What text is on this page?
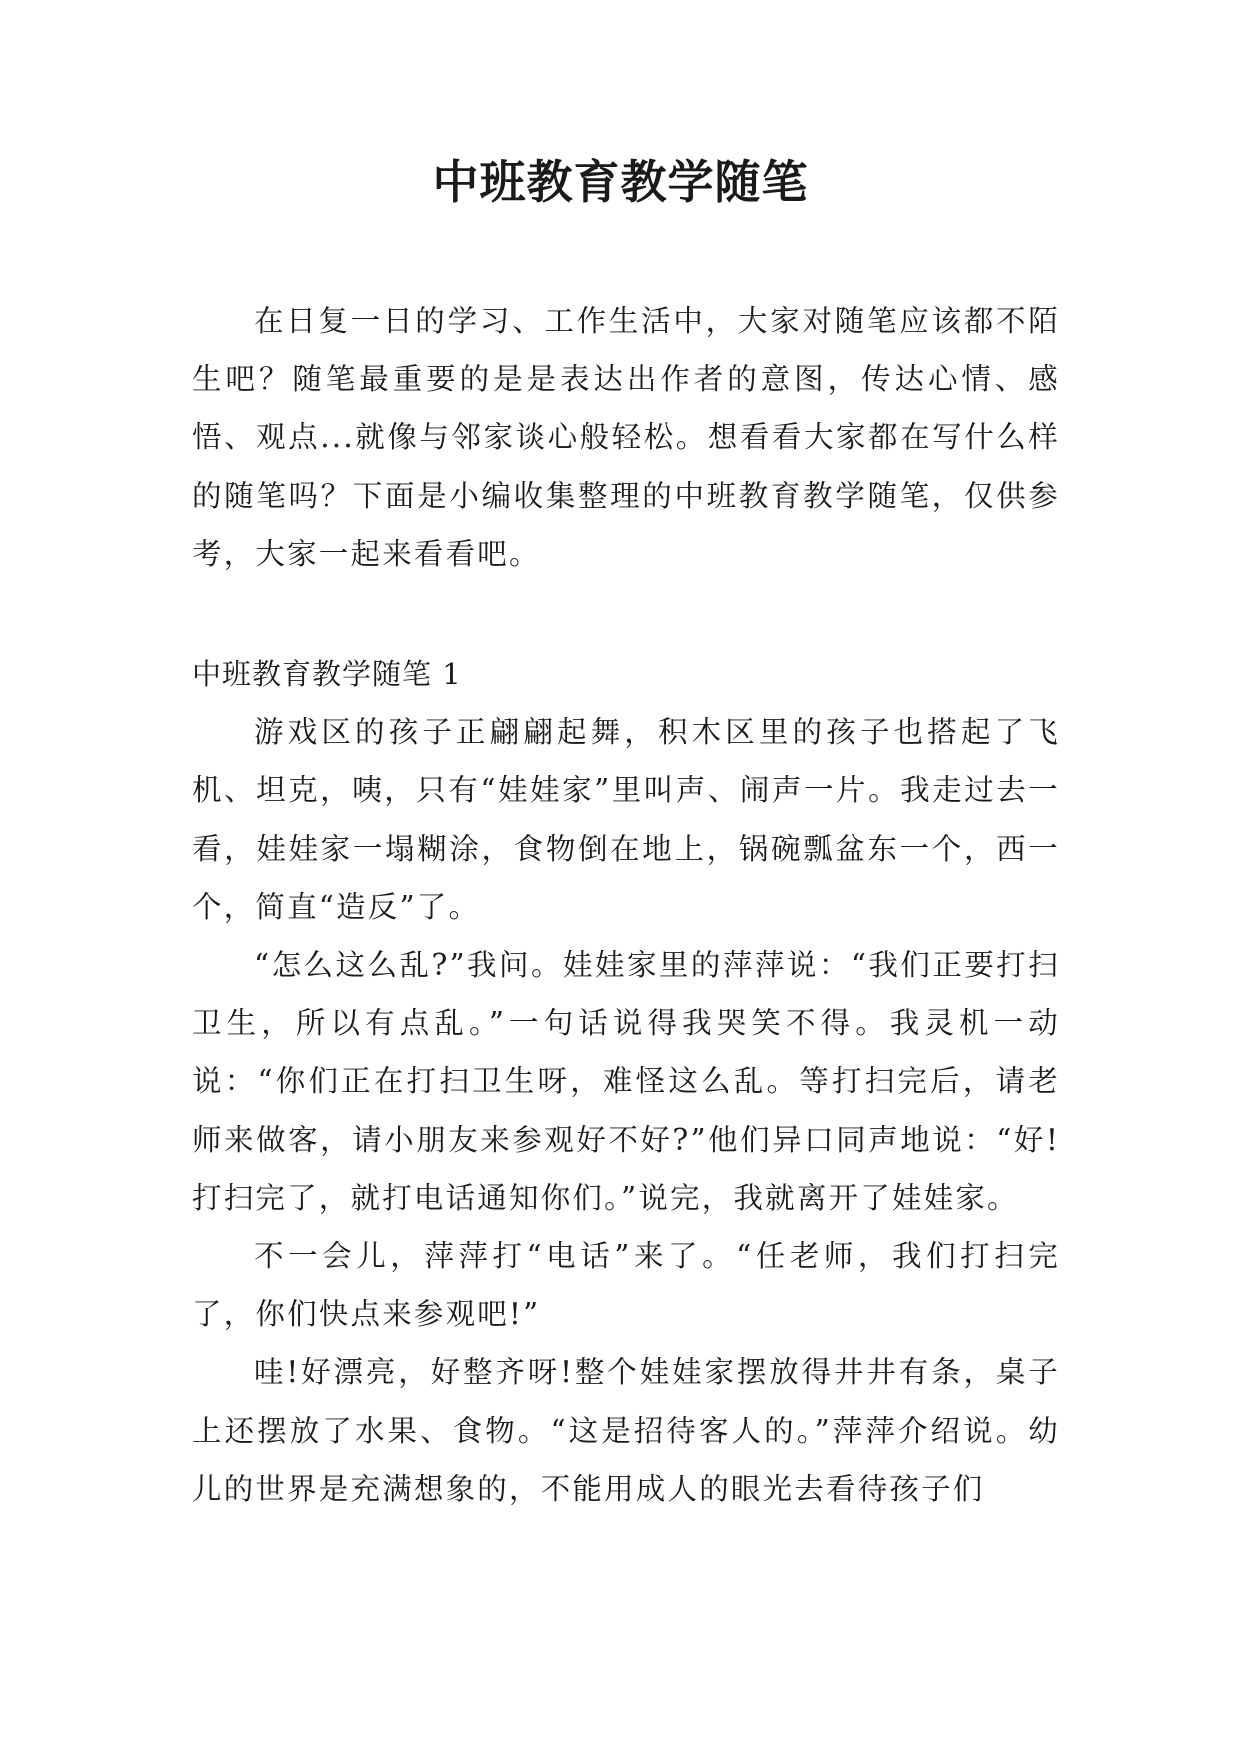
中班教育教学随笔

在日复一日的学习、工作生活中，大家对随笔应该都不陌生吧？随笔最重要的是是表达出作者的意图，传达心情、感悟、观点...就像与邻家谈心般轻松。想看看大家都在写什么样的随笔吗？下面是小编收集整理的中班教育教学随笔，仅供参考，大家一起来看看吧。

中班教育教学随笔 1

游戏区的孩子正翩翩起舞，积木区里的孩子也搭起了飞机、坦克，咦，只有“娃娃家”里叫声、闹声一片。我走过去一看，娃娃家一塌糊涂，食物倒在地上，锅碗瓢盆东一个，西一个，简直“造反”了。

“怎么这么乱?”我问。娃娃家里的萍萍说：“我们正要打扫卫生，所以有点乱。”一句话说得我哭笑不得。我灵机一动说：“你们正在打扫卫生呀，难怪这么乱。等打扫完后，请老师来做客，请小朋友来参观好不好?”他们异口同声地说：“好!打扫完了，就打电话通知你们。”说完，我就离开了娃娃家。

不一会儿，萍萍打“电话”来了。“任老师，我们打扫完了，你们快点来参观吧!”

哇!好漂亮，好整齐呀!整个娃娃家摆放得井井有条，桌子上还摆放了水果、食物。“这是招待客人的。”萍萍介绍说。幼儿的世界是充满想象的，不能用成人的眼光去看待孩子们
